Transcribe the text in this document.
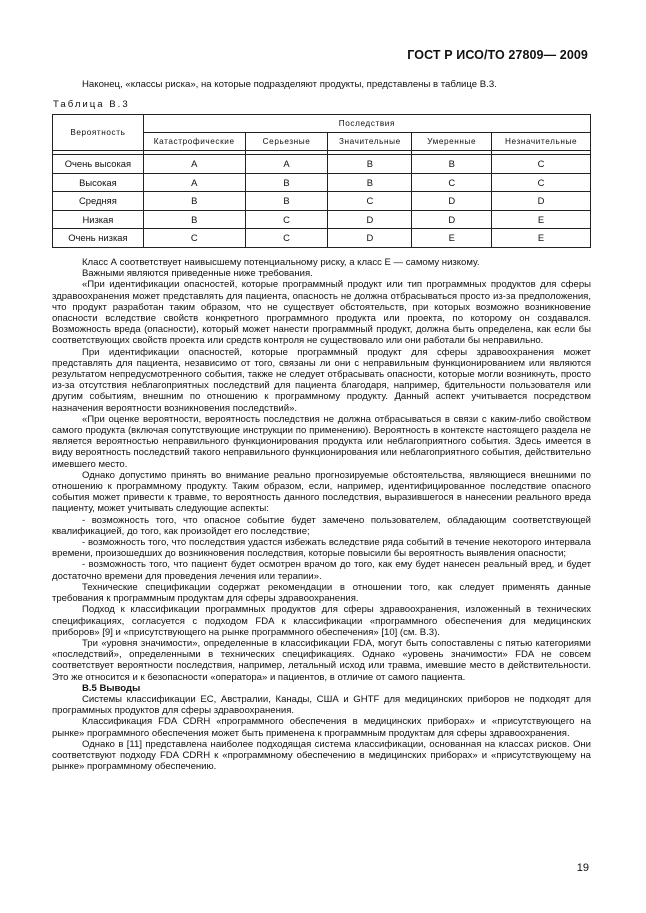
ГОСТ Р ИСО/ТО 27809— 2009
Наконец, «классы риска», на которые подразделяют продукты, представлены в таблице В.3.
Таблица В.3
Вероятность	Последствия				
	Катастрофические	Серьезные	Значительные	Умеренные	Незначительные

Очень высокая	A	A	B	B	C
Высокая	A	B	B	C	C
Средняя	B	B	C	D	D
Низкая	B	C	D	D	E
Очень низкая	C	C	D	E	E

Класс А соответствует наивысшему потенциальному риску, а класс Е — самому низкому.

Важными являются приведенные ниже требования.

«При идентификации опасностей, которые программный продукт или тип программных продуктов для сферы здравоохранения может представлять для пациента, опасность не должна отбрасываться просто из-за предположения, что продукт разработан таким образом, что не существует обстоятельств, при которых возможно возникновение опасности вследствие свойств конкретного программного продукта или проекта, по которому он создавался. Возможность вреда (опасности), который может нанести программный продукт, должна быть определена, как если бы соответствующих свойств проекта или средств контроля не существовало или они работали бы неправильно.

При идентификации опасностей, которые программный продукт для сферы здравоохранения может представлять для пациента, независимо от того, связаны ли они с неправильным функционированием или являются результатом непредусмотренного события, также не следует отбрасывать опасности, которые могли возникнуть, просто из-за отсутствия неблагоприятных последствий для пациента благодаря, например, бдительности пользователя или другим событиям, внешним по отношению к программному продукту. Данный аспект учитывается посредством назначения вероятности возникновения последствий».

«При оценке вероятности, вероятность последствия не должна отбрасываться в связи с каким-либо свойством самого продукта (включая сопутствующие инструкции по применению). Вероятность в контексте настоящего раздела не является вероятностью неправильного функционирования продукта или неблагоприятного события. Здесь имеется в виду вероятность последствий такого неправильного функционирования или неблагоприятного события, действительно имевшего место.

Однако допустимо принять во внимание реально прогнозируемые обстоятельства, являющиеся внешними по отношению к программному продукту. Таким образом, если, например, идентифицированное последствие опасного события может привести к травме, то вероятность данного последствия, выразившегося в нанесении реального вреда пациенту, может учитывать следующие аспекты:

- возможность того, что опасное событие будет замечено пользователем, обладающим соответствующей квалификацией, до того, как произойдет его последствие;

- возможность того, что последствия удастся избежать вследствие ряда событий в течение некоторого интервала времени, произошедших до возникновения последствия, которые повысили бы вероятность выявления опасности;

- возможность того, что пациент будет осмотрен врачом до того, как ему будет нанесен реальный вред, и будет достаточно времени для проведения лечения или терапии».

Технические спецификации содержат рекомендации в отношении того, как следует применять данные требования к программным продуктам для сферы здравоохранения.

Подход к классификации программных продуктов для сферы здравоохранения, изложенный в технических спецификациях, согласуется с подходом FDA к классификации «программного обеспечения для медицинских приборов» [9] и «присутствующего на рынке программного обеспечения» [10] (см. В.3).

Три «уровня значимости», определенные в классификации FDA, могут быть сопоставлены с пятью категориями «последствий», определенными в технических спецификациях. Однако «уровень значимости» FDA не совсем соответствует вероятности последствия, например, летальный исход или травма, имевшие место в действительности. Это же относится и к безопасности «оператора» и пациентов, в отличие от самого пациента.

В.5 Выводы

Системы классификации ЕС, Австралии, Канады, США и GHTF для медицинских приборов не подходят для программных продуктов для сферы здравоохранения.

Классификация FDA CDRH «программного обеспечения в медицинских приборах» и «присутствующего на рынке» программного обеспечения может быть применена к программным продуктам для сферы здравоохранения.

Однако в [11] представлена наиболее подходящая система классификации, основанная на классах рисков. Они соответствуют подходу FDA CDRH к «программному обеспечению в медицинских приборах» и «присутствующему на рынке» программному обеспечению.

19
